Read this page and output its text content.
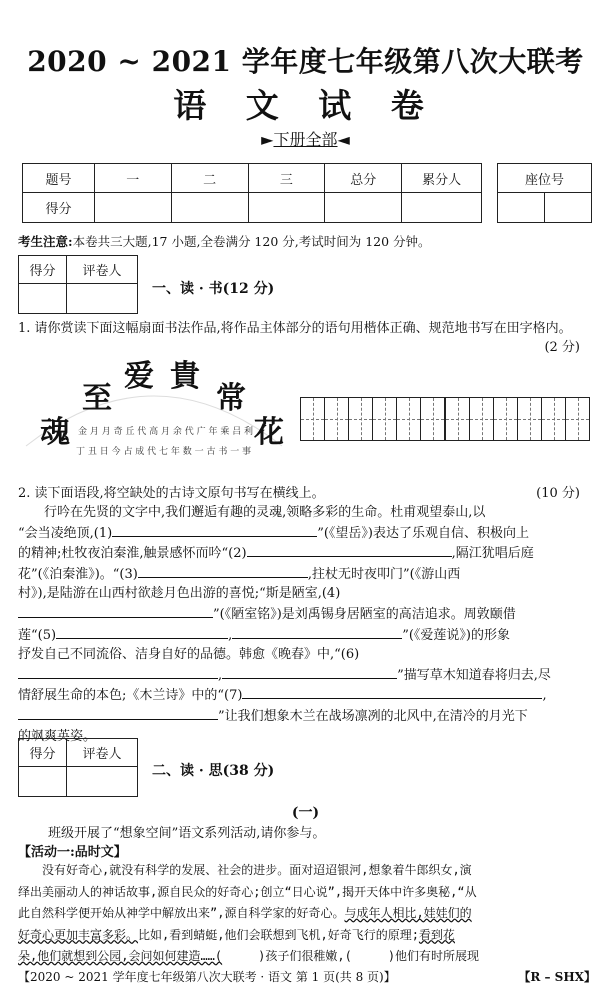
2020 ~ 2021 学年度七年级第八次大联考
语 文 试 卷
►下册全部◄
题号	一	二	三	总分	累分人
得分					
座位号

考生注意:本卷共三大题,17 小题,全卷满分 120 分,考试时间为 120 分钟。
得分	评卷人

一、读 · 书(12 分)
1. 请你赏读下面这幅扇面书法作品,将作品主体部分的语句用楷体正确、规范地书写在田字格内。
(2 分)
魂
至
爱 貴
常
花
金 月 月 奇 丘 代 高 月 余 代 广 年 乘 吕 利
丁 丑 日 今 占 成 代 七 年 数 一 古 书 一 事

2. 读下面语段,将空缺处的古诗文原句书写在横线上。	(10 分)

行吟在先贤的文字中,我们邂逅有趣的灵魂,领略多彩的生命。杜甫观望泰山,以

“会当凌绝顶,(1)	”(《望岳》)表达了乐观自信、积极向上

的精神;杜牧夜泊秦淮,触景感怀而吟“(2)	,隔江犹唱后庭

花”(《泊秦淮》)。“(3)	,拄杖无时夜叩门”(《游山西

村》),是陆游在山西村欲趁月色出游的喜悦;“斯是陋室,(4)

”(《陋室铭》)是刘禹锡身居陋室的高洁追求。周敦颐借

莲“(5)	,	”(《爱莲说》)的形象

抒发自己不同流俗、洁身自好的品德。韩愈《晚春》中,“(6)

,	”描写草木知道春将归去,尽

情舒展生命的本色;《木兰诗》中的“(7)	,

”让我们想象木兰在战场凛冽的北风中,在清冷的月光下

的飒爽英姿。

得分	评卷人

二、读 · 思(38 分)
(一)
班级开展了“想象空间”语文系列活动,请你参与。
【活动一:品时文】

没有好奇心,就没有科学的发展、社会的进步。面对迢迢银河,想象着牛郎织女,演

绎出美丽动人的神话故事,源自民众的好奇心;创立“日心说”,揭开天体中许多奥秘,“从

此自然科学便开始从神学中解放出来”,源自科学家的好奇心。与成年人相比,娃娃们的

好奇心更加丰富多彩。比如,看到蜻蜓,他们会联想到飞机,好奇飞行的原理;看到花

朵,他们就想到公园,会问如何建造……(	)孩子们很稚嫩,(	)他们有时所展现

【2020 ~ 2021 学年度七年级第八次大联考 · 语文 第 1 页(共 8 页)】	【R – SHX】
